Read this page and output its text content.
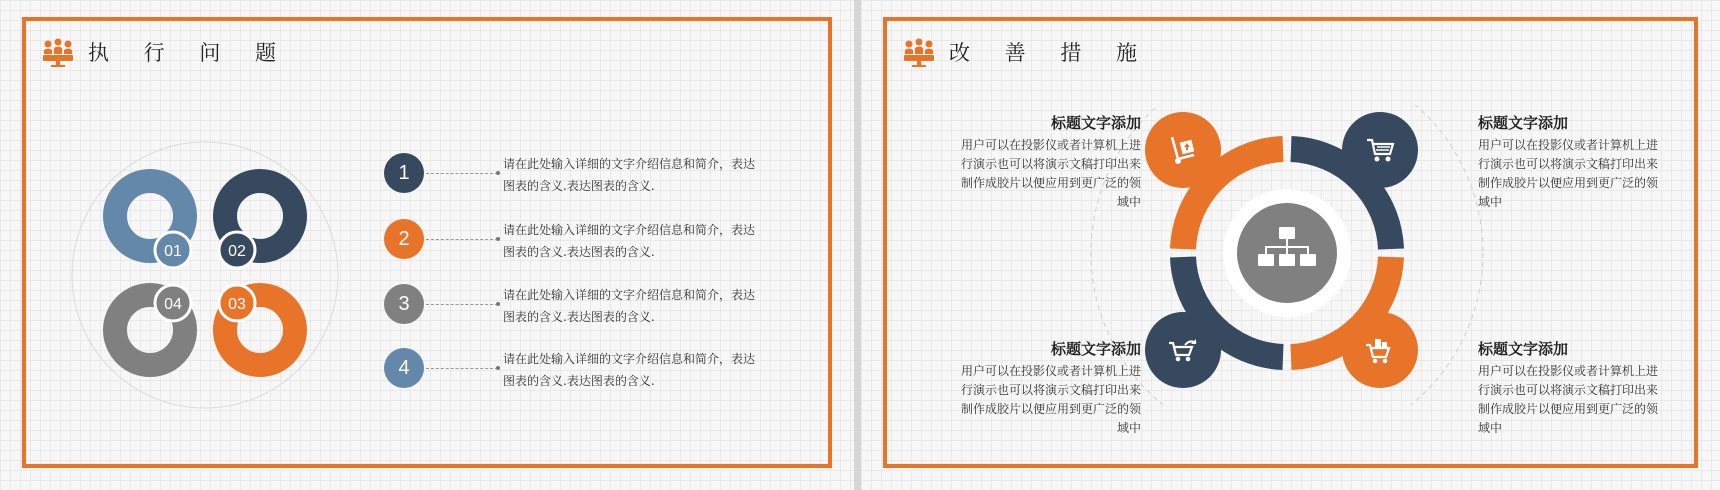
执 行 问 题
01	02
03
04
1	请在此处输入详细的文字介绍信息和简介，表达图表的含义.表达图表的含义.
2	请在此处输入详细的文字介绍信息和简介，表达图表的含义.表达图表的含义.
3	请在此处输入详细的文字介绍信息和简介，表达图表的含义.表达图表的含义.
4	请在此处输入详细的文字介绍信息和简介，表达图表的含义.表达图表的含义.
改 善 措 施
标题文字添加
用户可以在投影仪或者计算机上进行演示也可以将演示文稿打印出来制作成胶片以便应用到更广泛的领域中
标题文字添加
用户可以在投影仪或者计算机上进行演示也可以将演示文稿打印出来制作成胶片以便应用到更广泛的领域中
标题文字添加
用户可以在投影仪或者计算机上进行演示也可以将演示文稿打印出来制作成胶片以便应用到更广泛的领域中
标题文字添加
用户可以在投影仪或者计算机上进行演示也可以将演示文稿打印出来制作成胶片以便应用到更广泛的领域中
